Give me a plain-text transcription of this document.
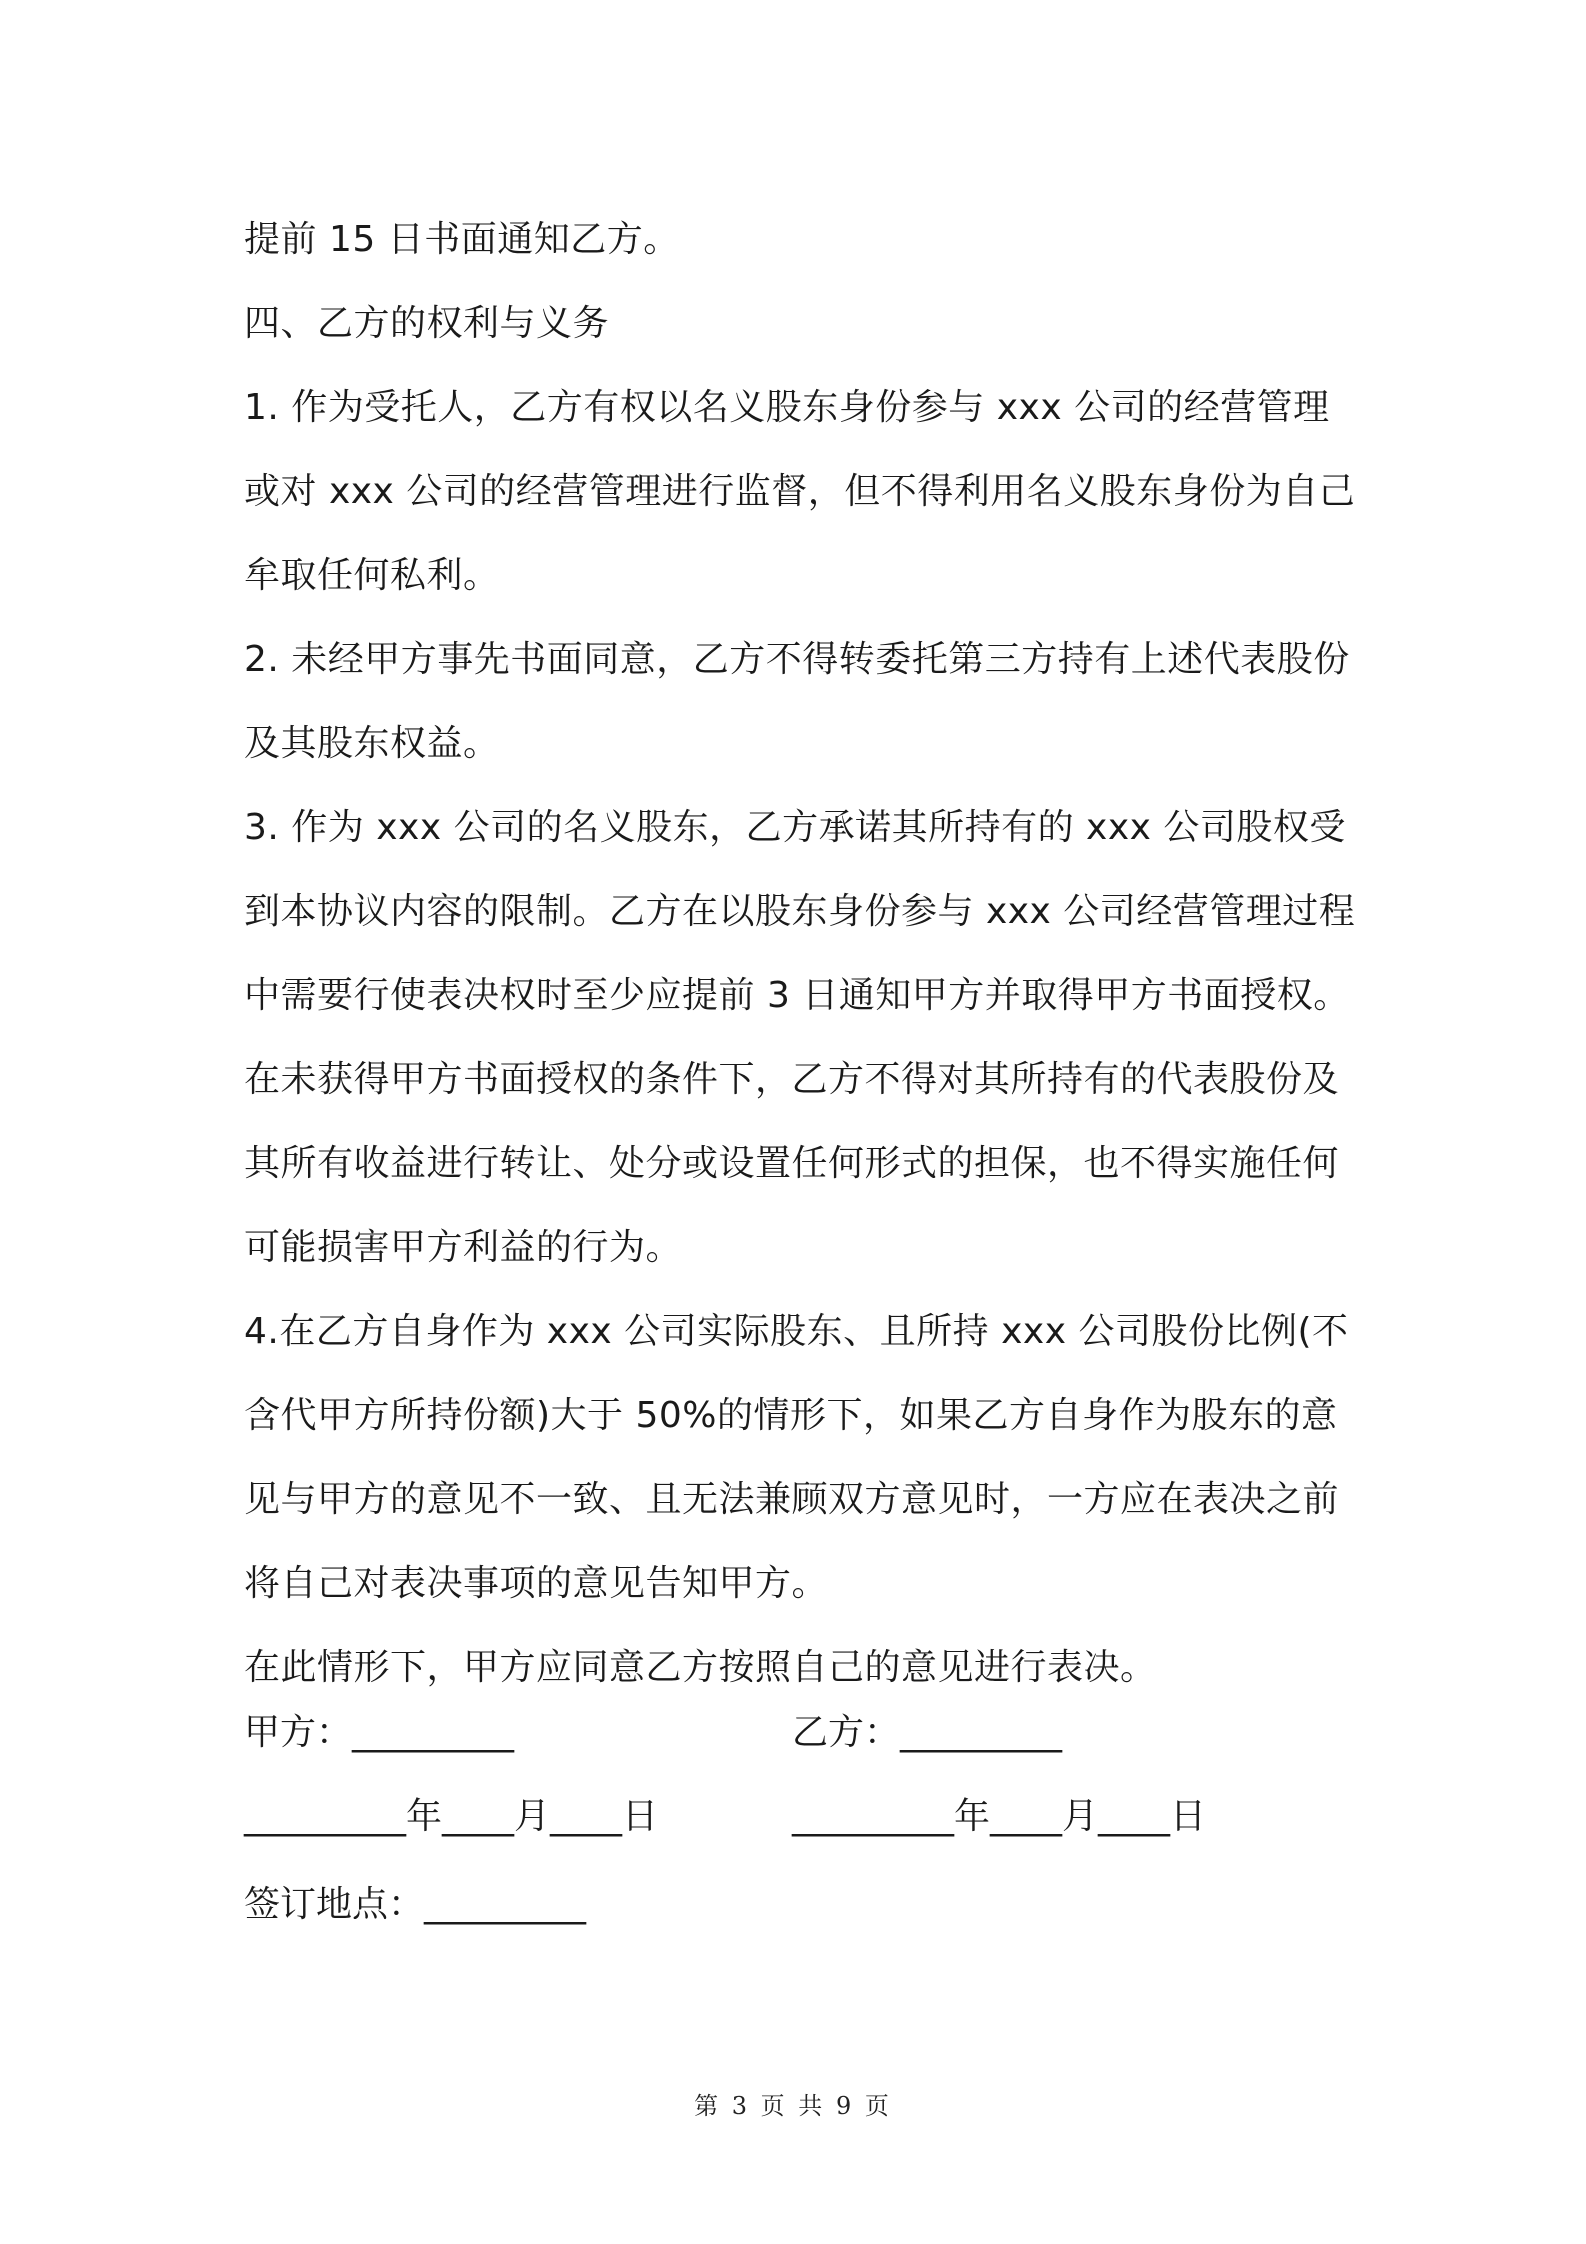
提前 15 日书面通知乙方。
四、乙方的权利与义务
1. 作为受托人，乙方有权以名义股东身份参与 xxx 公司的经营管理
或对 xxx 公司的经营管理进行监督，但不得利用名义股东身份为自己
牟取任何私利。
2. 未经甲方事先书面同意，乙方不得转委托第三方持有上述代表股份
及其股东权益。
3. 作为 xxx 公司的名义股东，乙方承诺其所持有的 xxx 公司股权受
到本协议内容的限制。乙方在以股东身份参与 xxx 公司经营管理过程
中需要行使表决权时至少应提前 3 日通知甲方并取得甲方书面授权。
在未获得甲方书面授权的条件下，乙方不得对其所持有的代表股份及
其所有收益进行转让、处分或设置任何形式的担保，也不得实施任何
可能损害甲方利益的行为。
4.在乙方自身作为 xxx 公司实际股东、且所持 xxx 公司股份比例(不
含代甲方所持份额)大于 50%的情形下，如果乙方自身作为股东的意
见与甲方的意见不一致、且无法兼顾双方意见时，一方应在表决之前
将自己对表决事项的意见告知甲方。
在此情形下，甲方应同意乙方按照自己的意见进行表决。
甲方：_________	乙方：_________
_________年____月____日	_________年____月____日
签订地点：_________
第 3 页 共 9 页
